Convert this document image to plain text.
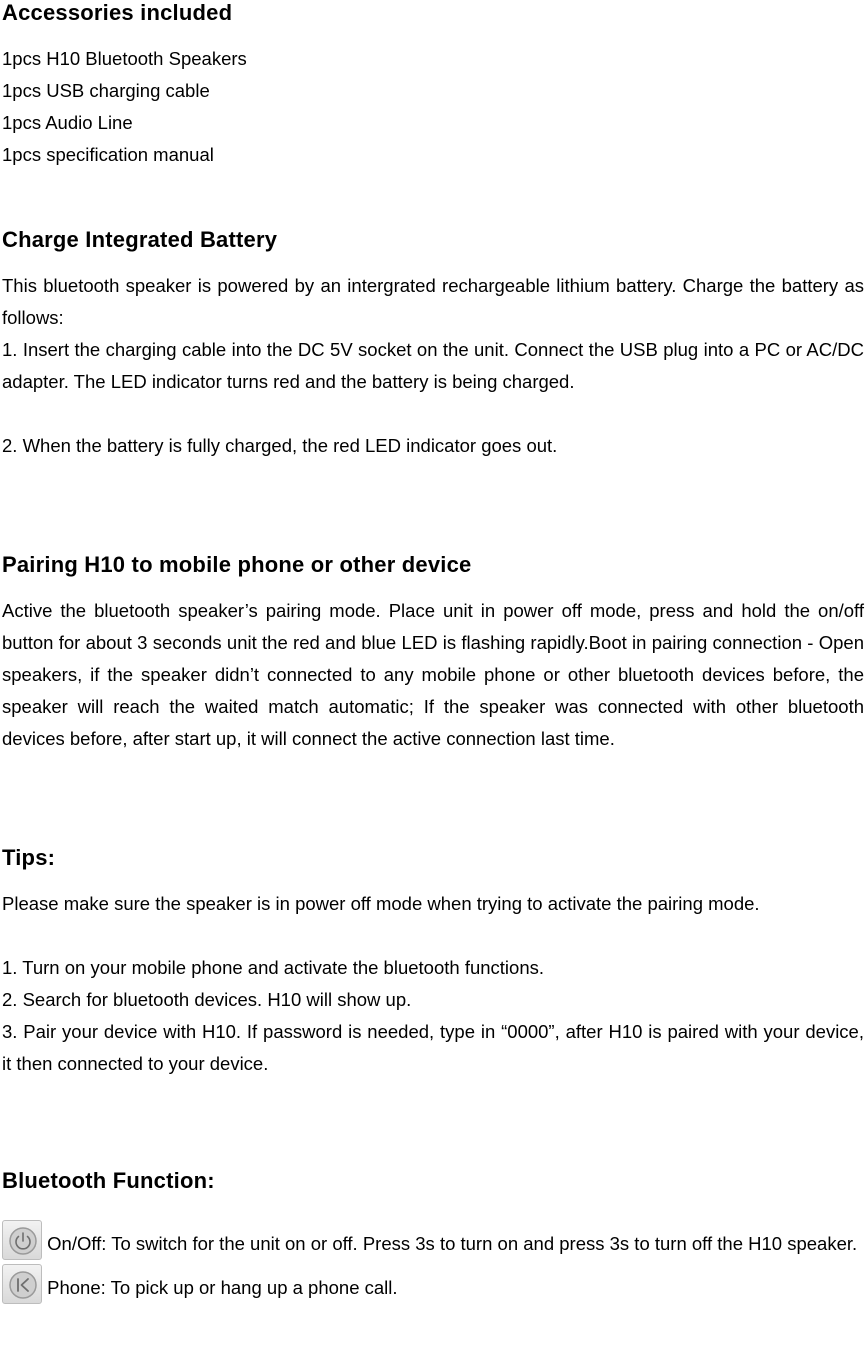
Accessories included

1pcs H10 Bluetooth Speakers

1pcs USB charging cable

1pcs Audio Line

1pcs specification manual

Charge Integrated Battery

This bluetooth speaker is powered by an intergrated rechargeable lithium battery. Charge the battery as follows:

1. Insert the charging cable into the DC 5V socket on the unit. Connect the USB plug into a PC or AC/DC adapter. The LED indicator turns red and the battery is being charged.

2. When the battery is fully charged, the red LED indicator goes out.

Pairing H10 to mobile phone or other device

Active the bluetooth speaker’s pairing mode. Place unit in power off mode, press and hold the on/off button for about 3 seconds unit the red and blue LED is flashing rapidly.Boot in pairing connection - Open speakers, if the speaker didn’t connected to any mobile phone or other bluetooth devices before, the speaker will reach the waited match automatic; If the speaker was connected with other bluetooth devices before, after start up, it will connect the active connection last time.

Tips:

Please make sure the speaker is in power off mode when trying to activate the pairing mode.

1. Turn on your mobile phone and activate the bluetooth functions.

2. Search for bluetooth devices. H10 will show up.

3. Pair your device with H10. If password is needed, type in “0000”, after H10 is paired with your device, it then connected to your device.

Bluetooth Function:
On/Off: To switch for the unit on or off. Press 3s to turn on and press 3s to turn off the H10 speaker.
Phone: To pick up or hang up a phone call.
